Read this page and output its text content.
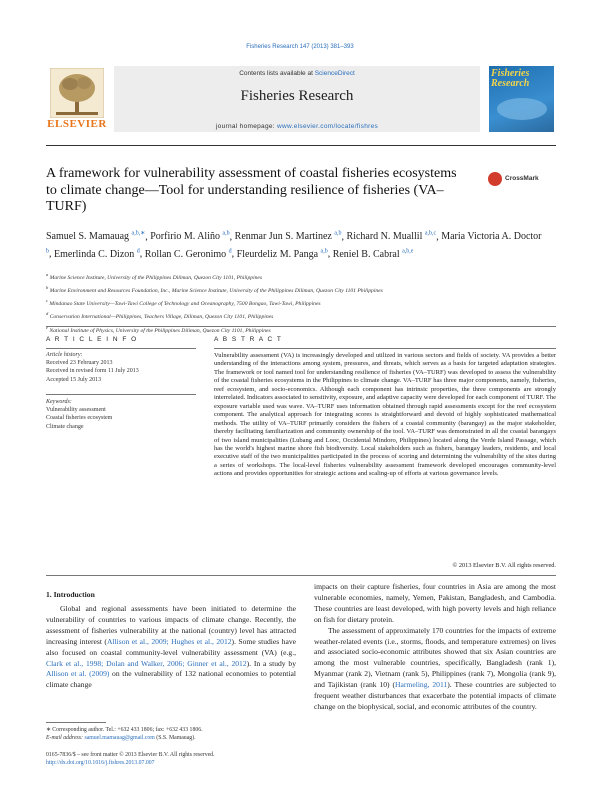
Fisheries Research 147 (2013) 381–393
ELSEVIER
Contents lists available at ScienceDirect
Fisheries Research
journal homepage: www.elsevier.com/locate/fishres
Fisheries
Research
A framework for vulnerability assessment of coastal fisheries ecosystems to climate change—Tool for understanding resilience of fisheries (VA–TURF)
CrossMark
Samuel S. Mamauag $^{a,b,∗}$, Porfirio M. Aliño $^{a,b}$, Renmar Jun S. Martinez $^{a,b}$, Richard N. Muallil $^{a,b,c}$, Maria Victoria A. Doctor $^b$, Emerlinda C. Dizon $^d$, Rollan C. Geronimo $^d$, Fleurdeliz M. Panga $^{a,b}$, Reniel B. Cabral $^{a,b,e}$
$^a$ Marine Science Institute, University of the Philippines Diliman, Quezon City 1101, Philippines
$^b$ Marine Environment and Resources Foundation, Inc., Marine Science Institute, University of the Philippines Diliman, Quezon City 1101 Philippines
$^c$ Mindanao State University—Tawi-Tawi College of Technology and Oceanography, 7500 Bongao, Tawi-Tawi, Philippines
$^d$ Conservation International—Philippines, Teachers Village, Diliman, Quezon City 1101, Philippines
$^e$ National Institute of Physics, University of the Philippines Diliman, Quezon City 1101, Philippines
A R T I C L E I N F O
Article history:
Received 23 February 2013
Received in revised form 11 July 2013
Accepted 15 July 2013
Keywords:
Vulnerability assessment
Coastal fisheries ecosystem
Climate change
A B S T R A C T
Vulnerability assessment (VA) is increasingly developed and utilized in various sectors and fields of society. VA provides a better understanding of the interactions among system, pressures, and threats, which serves as a basis for targeted adaptation strategies. The framework or tool named tool for understanding resilience of fisheries (VA–TURF) was developed to assess the vulnerability of the coastal fisheries ecosystems in the Philippines to climate change. VA–TURF has three major components, namely, fisheries, reef ecosystem, and socio-economics. Although each component has intrinsic properties, the three components are strongly interrelated. Indicators associated to sensitivity, exposure, and adaptive capacity were developed for each component of TURF. The exposure variable used was wave. VA–TURF uses information obtained through rapid assessments except for the reef ecosystem component. The analytical approach for integrating scores is straightforward and devoid of highly sophisticated mathematical methods. The utility of VA–TURF primarily considers the fishers of a coastal community (barangay) as the major stakeholder, thereby facilitating familiarization and community ownership of the tool. VA–TURF was demonstrated in all the coastal barangays of two island municipalities (Lubang and Looc, Occidental Mindoro, Philippines) located along the Verde Island Passage, which has the world's highest marine shore fish biodiversity. Local stakeholders such as fishers, barangay leaders, residents, and local executive staff of the two municipalities participated in the process of scoring and determining the vulnerability of the sites during a series of workshops. The local-level fisheries vulnerability assessment framework developed encourages community-level actions and provides opportunities for strategic actions and scaling-up of efforts at various governance levels.
© 2013 Elsevier B.V. All rights reserved.
1. Introduction
Global and regional assessments have been initiated to determine the vulnerability of countries to various impacts of climate change. Recently, the assessment of fisheries vulnerability at the national (country) level has attracted increasing interest (Allison et al., 2009; Hughes et al., 2012). Some studies have also focused on coastal community-level vulnerability assessment (VA) (e.g., Clark et al., 1998; Dolan and Walker, 2006; Ginner et al., 2012). In a study by Allison et al. (2009) on the vulnerability of 132 national economies to potential climate change
impacts on their capture fisheries, four countries in Asia are among the most vulnerable economies, namely, Yemen, Pakistan, Bangladesh, and Cambodia. These countries are least developed, with high poverty levels and high reliance on fish for dietary protein.
The assessment of approximately 170 countries for the impacts of extreme weather-related events (i.e., storms, floods, and temperature extremes) on lives and associated socio-economic attributes showed that six Asian countries are among the most vulnerable countries, specifically, Bangladesh (rank 1), Myanmar (rank 2), Vietnam (rank 5), Philippines (rank 7), Mongolia (rank 9), and Tajikistan (rank 10) (Harmeling, 2011). These countries are subjected to frequent weather disturbances that exacerbate the potential impacts of climate change on the biophysical, social, and economic attributes of the country.
∗ Corresponding author. Tel.: +632 433 1806; fax: +632 433 1806.
E-mail address: samuel.mamauag@gmail.com (S.S. Mamauag).
0165-7836/$ – see front matter © 2013 Elsevier B.V. All rights reserved.
http://dx.doi.org/10.1016/j.fishres.2013.07.007
